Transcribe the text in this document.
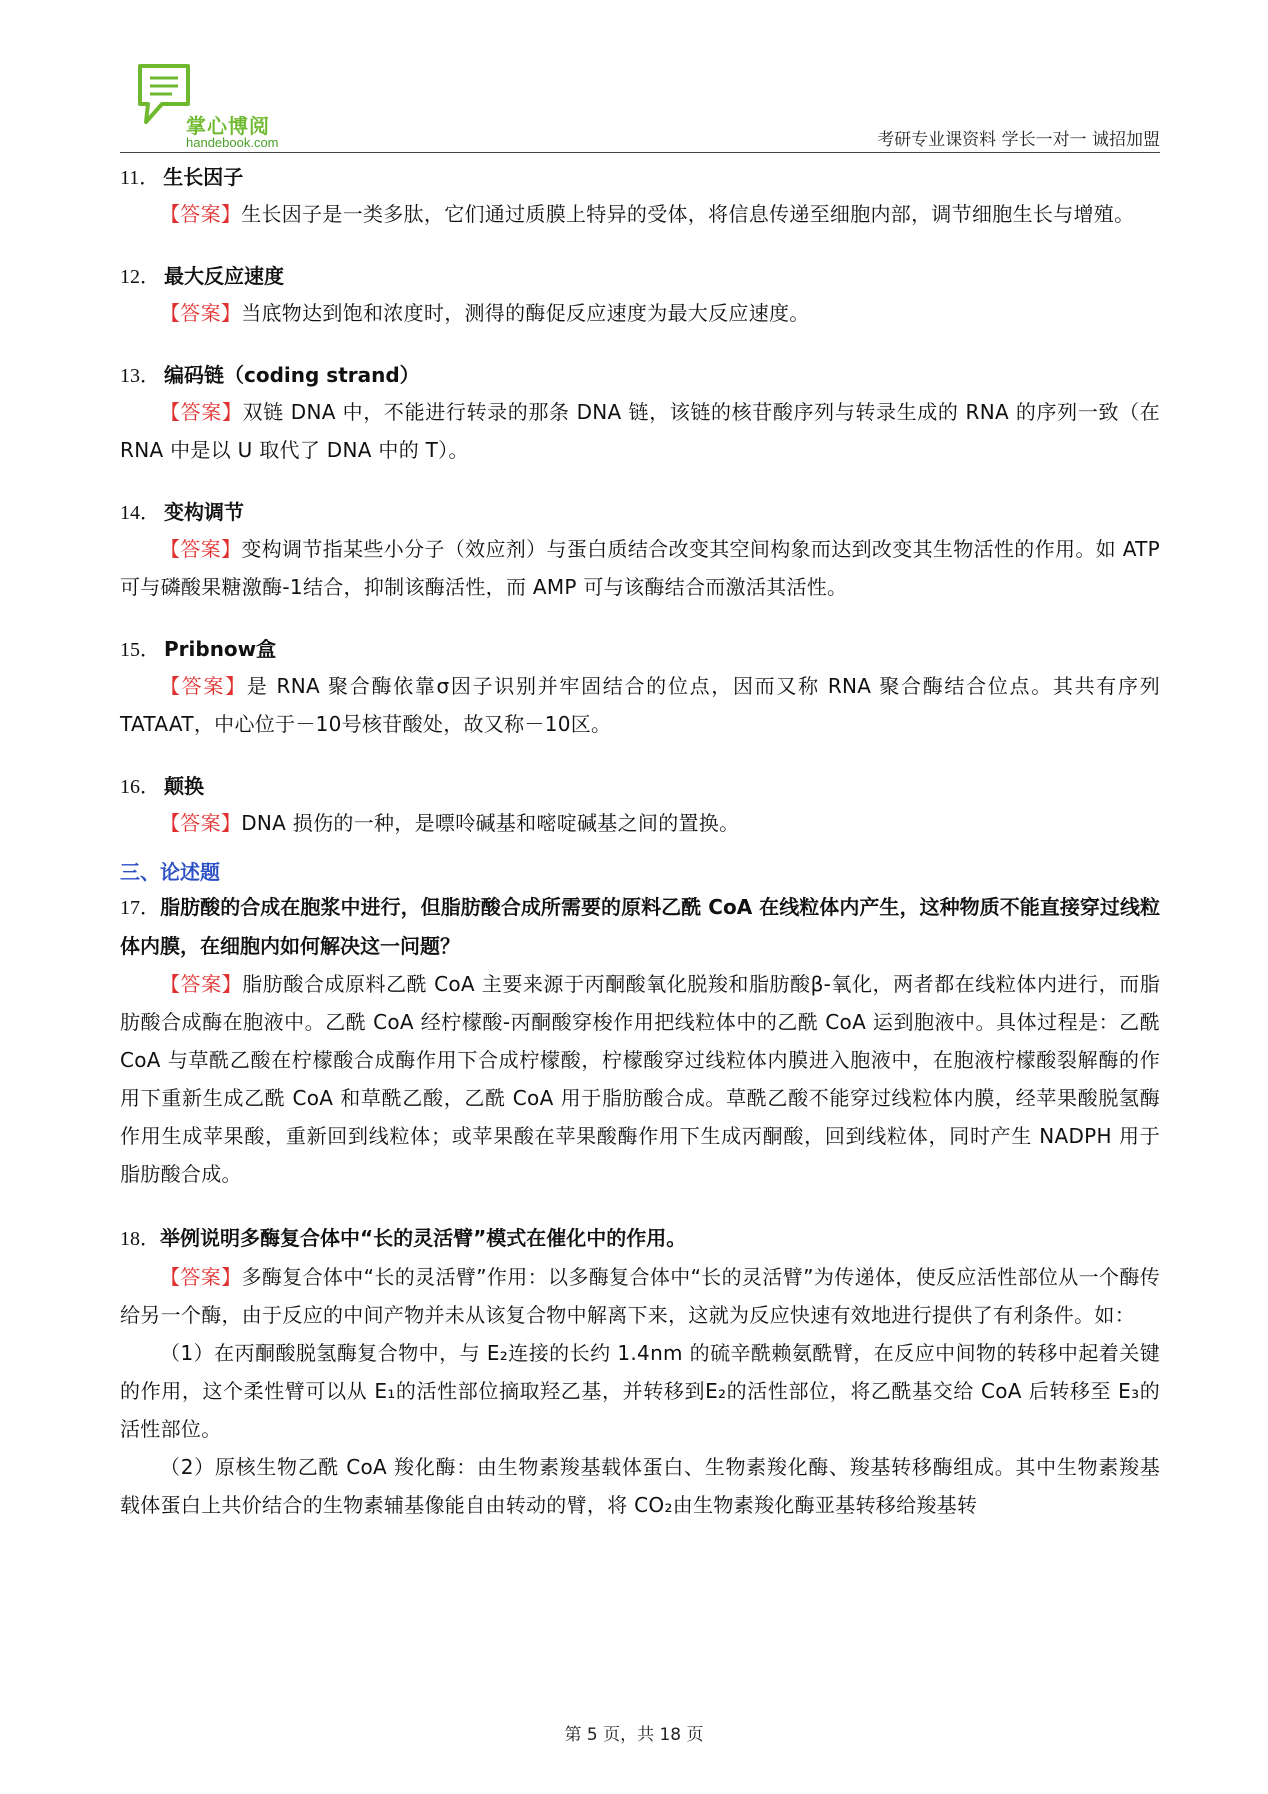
掌心博阅
handebook.com	考研专业课资料 学长一对一 诚招加盟

11． 生长因子

【答案】生长因子是一类多肽，它们通过质膜上特异的受体，将信息传递至细胞内部，调节细胞生长与增殖。

12． 最大反应速度

【答案】当底物达到饱和浓度时，测得的酶促反应速度为最大反应速度。

13． 编码链（coding strand）

【答案】双链 DNA 中，不能进行转录的那条 DNA 链，该链的核苷酸序列与转录生成的 RNA 的序列一致（在 RNA 中是以 U 取代了 DNA 中的 T）。

14． 变构调节

【答案】变构调节指某些小分子（效应剂）与蛋白质结合改变其空间构象而达到改变其生物活性的作用。如 ATP 可与磷酸果糖激酶-1结合，抑制该酶活性，而 AMP 可与该酶结合而激活其活性。

15． Pribnow盒

【答案】是 RNA 聚合酶依靠σ因子识别并牢固结合的位点，因而又称 RNA 聚合酶结合位点。其共有序列 TATAAT，中心位于－10号核苷酸处，故又称－10区。

16． 颠换

【答案】DNA 损伤的一种，是嘌呤碱基和嘧啶碱基之间的置换。

三、论述题

17．脂肪酸的合成在胞浆中进行，但脂肪酸合成所需要的原料乙酰 CoA 在线粒体内产生，这种物质不能直接穿过线粒体内膜，在细胞内如何解决这一问题？

【答案】脂肪酸合成原料乙酰 CoA 主要来源于丙酮酸氧化脱羧和脂肪酸β-氧化，两者都在线粒体内进行，而脂肪酸合成酶在胞液中。乙酰 CoA 经柠檬酸-丙酮酸穿梭作用把线粒体中的乙酰 CoA 运到胞液中。具体过程是：乙酰 CoA 与草酰乙酸在柠檬酸合成酶作用下合成柠檬酸，柠檬酸穿过线粒体内膜进入胞液中，在胞液柠檬酸裂解酶的作用下重新生成乙酰 CoA 和草酰乙酸，乙酰 CoA 用于脂肪酸合成。草酰乙酸不能穿过线粒体内膜，经苹果酸脱氢酶作用生成苹果酸，重新回到线粒体；或苹果酸在苹果酸酶作用下生成丙酮酸，回到线粒体，同时产生 NADPH 用于脂肪酸合成。

18．举例说明多酶复合体中“长的灵活臂”模式在催化中的作用。

【答案】多酶复合体中“长的灵活臂”作用：以多酶复合体中“长的灵活臂”为传递体，使反应活性部位从一个酶传给另一个酶，由于反应的中间产物并未从该复合物中解离下来，这就为反应快速有效地进行提供了有利条件。如：

（1）在丙酮酸脱氢酶复合物中，与 E₂连接的长约 1.4nm 的硫辛酰赖氨酰臂，在反应中间物的转移中起着关键的作用，这个柔性臂可以从 E₁的活性部位摘取羟乙基，并转移到E₂的活性部位，将乙酰基交给 CoA 后转移至 E₃的活性部位。

（2）原核生物乙酰 CoA 羧化酶：由生物素羧基载体蛋白、生物素羧化酶、羧基转移酶组成。其中生物素羧基载体蛋白上共价结合的生物素辅基像能自由转动的臂，将 CO₂由生物素羧化酶亚基转移给羧基转

第 5 页，共 18 页
